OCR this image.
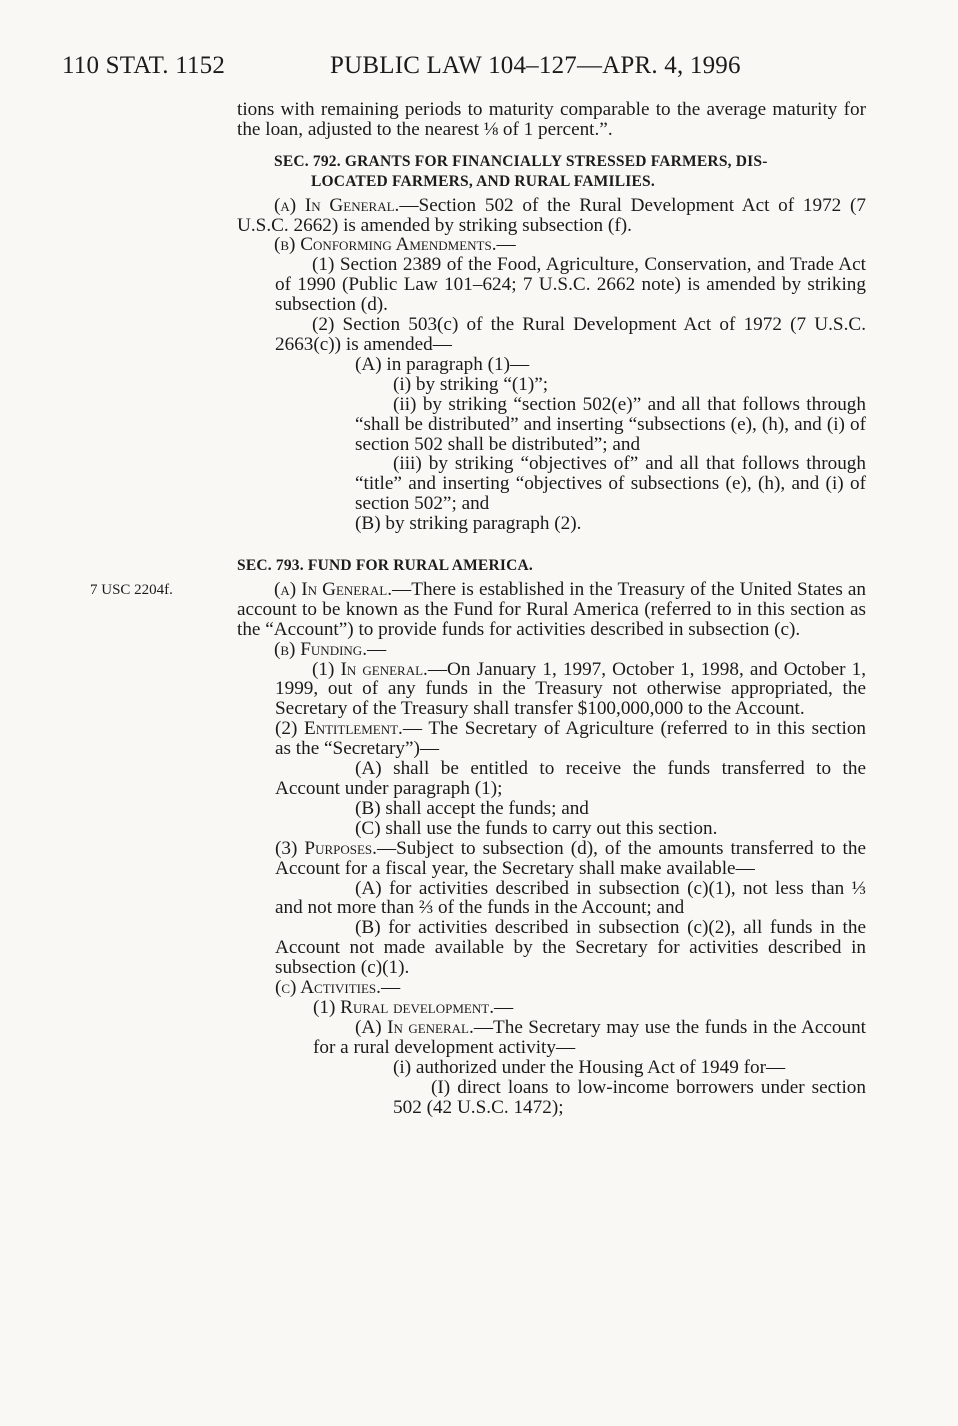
110 STAT. 1152	PUBLIC LAW 104–127—APR. 4, 1996
7 USC 2204f.

tions with remaining periods to maturity comparable to the average maturity for the loan, adjusted to the nearest ⅛ of 1 percent.”.

SEC. 792. GRANTS FOR FINANCIALLY STRESSED FARMERS, DIS-
LOCATED FARMERS, AND RURAL FAMILIES.

(a) In General.—Section 502 of the Rural Development Act of 1972 (7 U.S.C. 2662) is amended by striking subsection (f).

(b) Conforming Amendments.—

(1) Section 2389 of the Food, Agriculture, Conservation, and Trade Act of 1990 (Public Law 101–624; 7 U.S.C. 2662 note) is amended by striking subsection (d).

(2) Section 503(c) of the Rural Development Act of 1972 (7 U.S.C. 2663(c)) is amended—

(A) in paragraph (1)—

(i) by striking “(1)”;

(ii) by striking “section 502(e)” and all that follows through “shall be distributed” and inserting “subsections (e), (h), and (i) of section 502 shall be distributed”; and

(iii) by striking “objectives of” and all that follows through “title” and inserting “objectives of subsections (e), (h), and (i) of section 502”; and

(B) by striking paragraph (2).

SEC. 793. FUND FOR RURAL AMERICA.

(a) In General.—There is established in the Treasury of the United States an account to be known as the Fund for Rural America (referred to in this section as the “Account”) to provide funds for activities described in subsection (c).

(b) Funding.—

(1) In general.—On January 1, 1997, October 1, 1998, and October 1, 1999, out of any funds in the Treasury not otherwise appropriated, the Secretary of the Treasury shall transfer $100,000,000 to the Account.

(2) Entitlement.— The Secretary of Agriculture (referred to in this section as the “Secretary”)—

(A) shall be entitled to receive the funds transferred to the Account under paragraph (1);

(B) shall accept the funds; and

(C) shall use the funds to carry out this section.

(3) Purposes.—Subject to subsection (d), of the amounts transferred to the Account for a fiscal year, the Secretary shall make available—

(A) for activities described in subsection (c)(1), not less than ⅓ and not more than ⅔ of the funds in the Account; and

(B) for activities described in subsection (c)(2), all funds in the Account not made available by the Secretary for activities described in subsection (c)(1).

(c) Activities.—

(1) Rural development.—

(A) In general.—The Secretary may use the funds in the Account for a rural development activity—

(i) authorized under the Housing Act of 1949 for—

(I) direct loans to low-income borrowers under section 502 (42 U.S.C. 1472);
